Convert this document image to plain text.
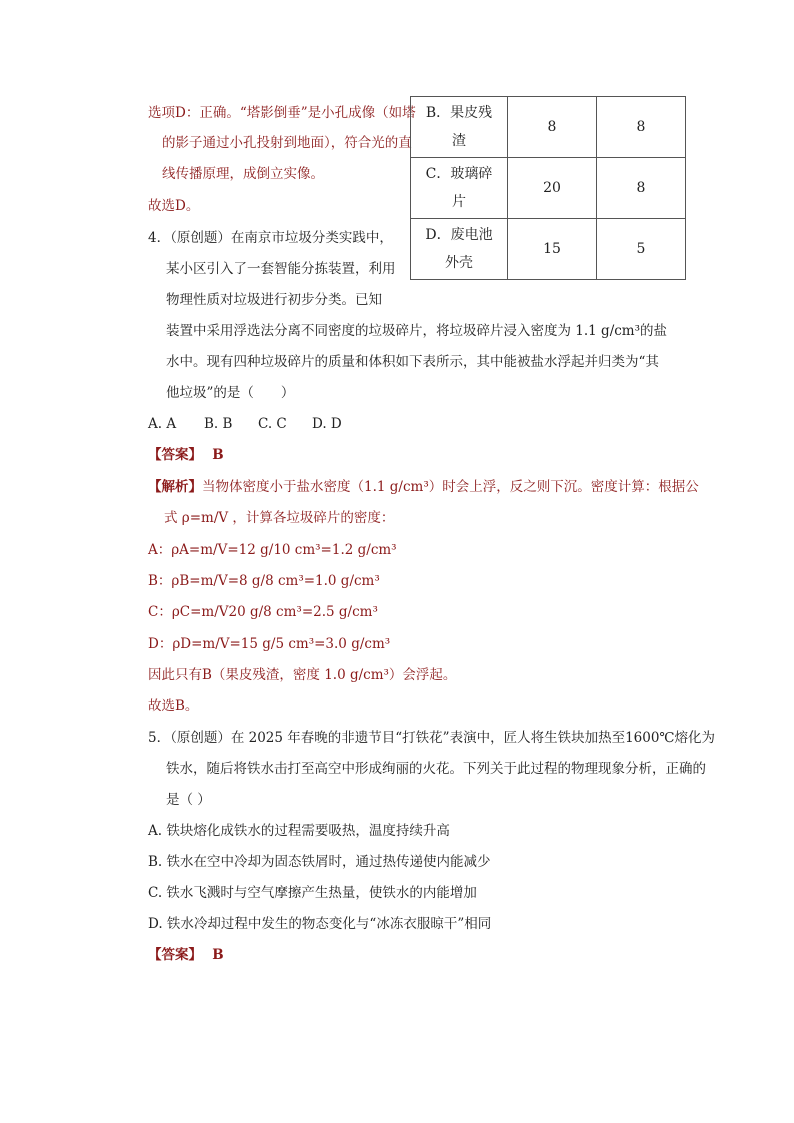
选项D：正确。“塔影倒垂”是小孔成像（如塔
的影子通过小孔投射到地面），符合光的直
线传播原理，成倒立实像。
故选D。
B．果皮残
渣	8	8

C．玻璃碎
片	20	8

D．废电池
外壳	15	5
4．（原创题）在南京市垃圾分类实践中，
某小区引入了一套智能分拣装置，利用
物理性质对垃圾进行初步分类。已知
装置中采用浮选法分离不同密度的垃圾碎片，将垃圾碎片浸入密度为 1.1 g/cm³的盐
水中。现有四种垃圾碎片的质量和体积如下表所示，其中能被盐水浮起并归类为“其
他垃圾”的是（　　）
A. A B. B C. C D. D
【答案】 B
【解析】当物体密度小于盐水密度（1.1 g/cm³）时会上浮，反之则下沉。密度计算：根据公
式 ρ=m/V ，计算各垃圾碎片的密度：
A：ρA=m/V=12 g/10 cm³=1.2 g/cm³
B：ρB=m/V=8 g/8 cm³=1.0 g/cm³
C：ρC=m/V20 g/8 cm³=2.5 g/cm³
D：ρD=m/V=15 g/5 cm³=3.0 g/cm³
因此只有B（果皮残渣，密度 1.0 g/cm³）会浮起。
故选B。
5．（原创题）在 2025 年春晚的非遗节目“打铁花”表演中，匠人将生铁块加热至1600℃熔化为
铁水，随后将铁水击打至高空中形成绚丽的火花。下列关于此过程的物理现象分析，正确的
是（ ）
A. 铁块熔化成铁水的过程需要吸热，温度持续升高
B. 铁水在空中冷却为固态铁屑时，通过热传递使内能减少
C. 铁水飞溅时与空气摩擦产生热量，使铁水的内能增加
D. 铁水冷却过程中发生的物态变化与“冰冻衣服晾干”相同
【答案】 B
